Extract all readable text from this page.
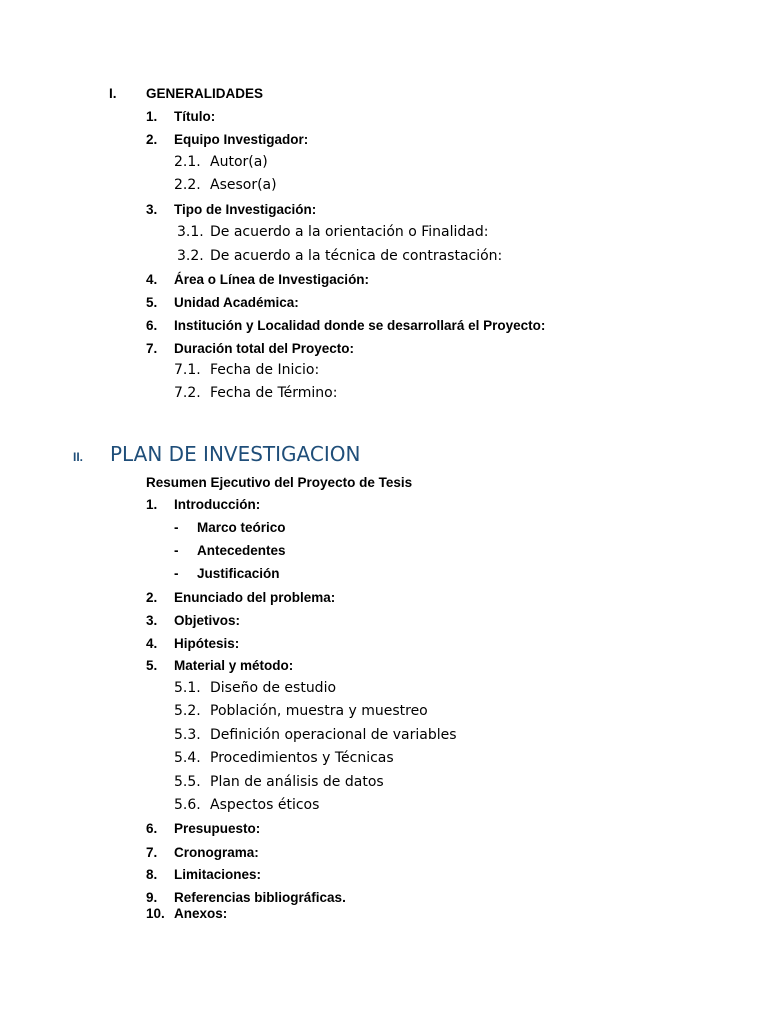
I. GENERALIDADES
1. Título:
2. Equipo Investigador:
2.1. Autor(a)
2.2. Asesor(a)
3. Tipo de Investigación:
3.1. De acuerdo a la orientación o Finalidad:
3.2. De acuerdo a la técnica de contrastación:
4. Área o Línea de Investigación:
5. Unidad Académica:
6. Institución y Localidad donde se desarrollará el Proyecto:
7. Duración total del Proyecto:
7.1. Fecha de Inicio:
7.2. Fecha de Término:
II. PLAN DE INVESTIGACION
Resumen Ejecutivo del Proyecto de Tesis
1. Introducción:
- Marco teórico
- Antecedentes
- Justificación
2. Enunciado del problema:
3. Objetivos:
4. Hipótesis:
5. Material y método:
5.1. Diseño de estudio
5.2. Población, muestra y muestreo
5.3. Definición operacional de variables
5.4. Procedimientos y Técnicas
5.5. Plan de análisis de datos
5.6. Aspectos éticos
6. Presupuesto:
7. Cronograma:
8. Limitaciones:
9. Referencias bibliográficas.
10. Anexos:
